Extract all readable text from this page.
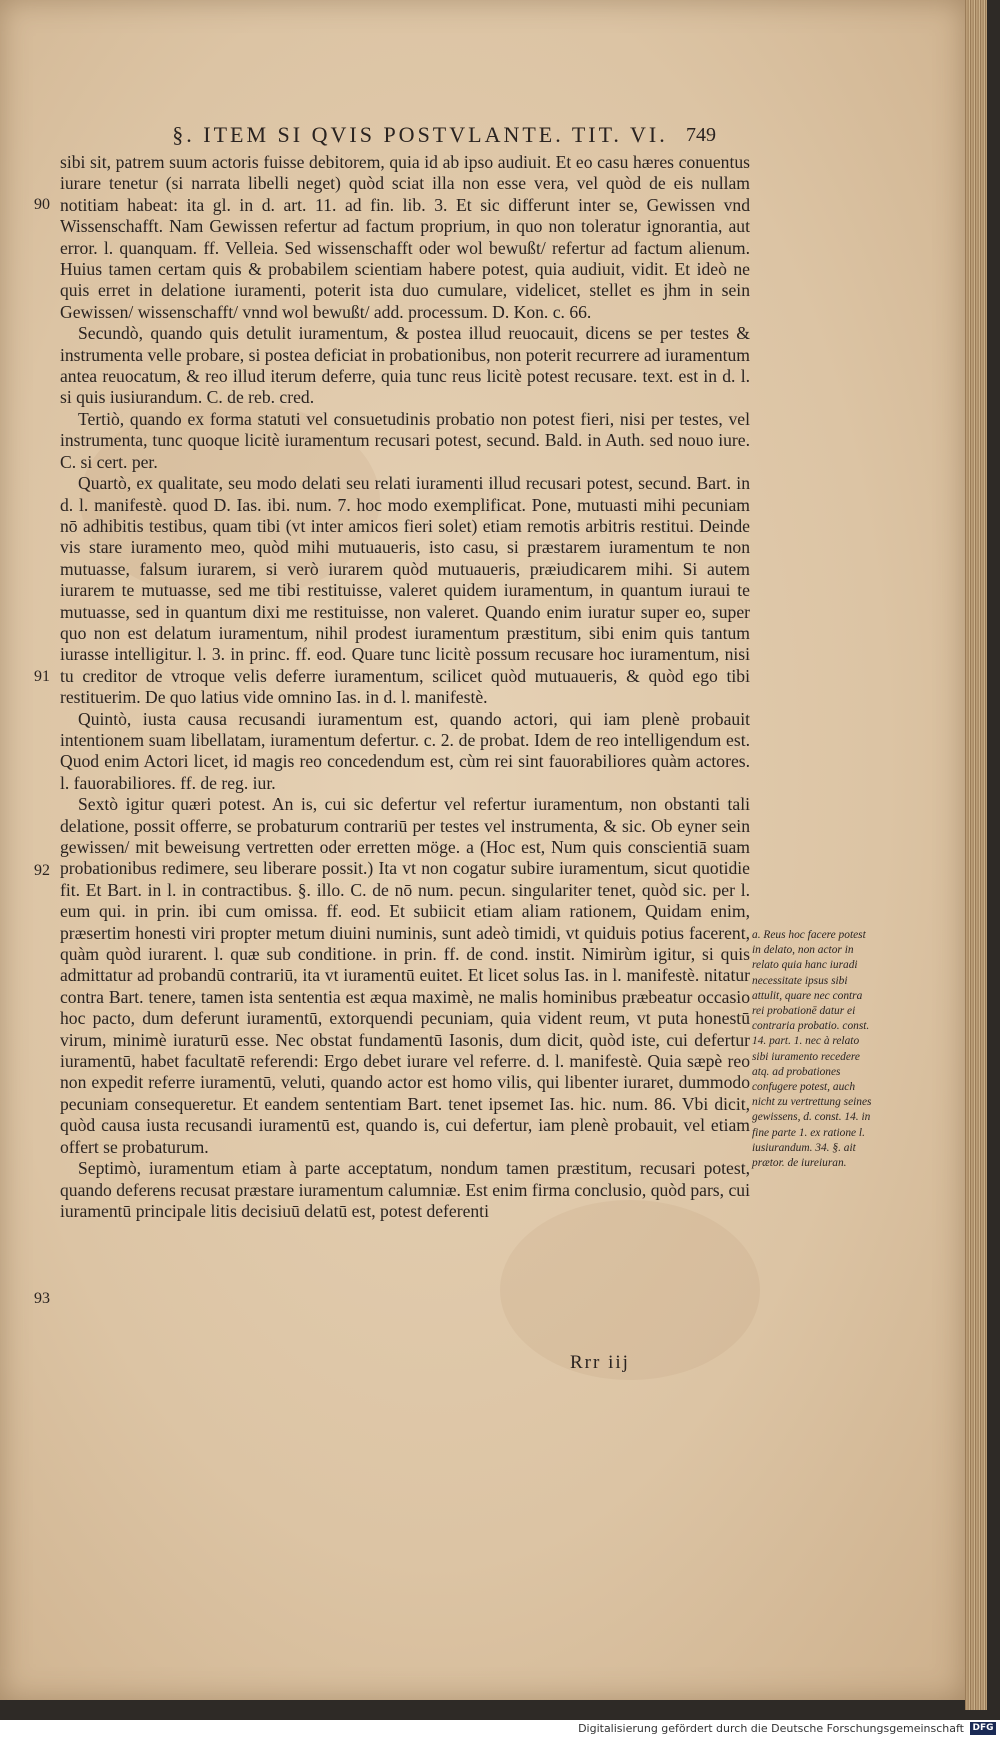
§. ITEM SI QVIS POSTVLANTE. TIT. VI. 749
90
91
92
93

sibi sit, patrem suum actoris fuisse debitorem, quia id ab ipso audiuit. Et eo casu hæres conuentus iurare tenetur (si narrata libelli neget) quòd sciat illa non esse vera, vel quòd de eis nullam notitiam habeat: ita gl. in d. art. 11. ad fin. lib. 3. Et sic differunt inter se, Gewissen vnd Wissenschafft. Nam Gewissen refertur ad factum proprium, in quo non toleratur ignorantia, aut error. l. quanquam. ff. Velleia. Sed wissenschafft oder wol bewußt/ refertur ad factum alienum. Huius tamen certam quis & probabilem scientiam habere potest, quia audiuit, vidit. Et ideò ne quis erret in delatione iuramenti, poterit ista duo cumulare, videlicet, stellet es jhm in sein Gewissen/ wissenschafft/ vnnd wol bewußt/ add. processum. D. Kon. c. 66.

Secundò, quando quis detulit iuramentum, & postea illud reuocauit, dicens se per testes & instrumenta velle probare, si postea deficiat in probationibus, non poterit recurrere ad iuramentum antea reuocatum, & reo illud iterum deferre, quia tunc reus licitè potest recusare. text. est in d. l. si quis iusiurandum. C. de reb. cred.

Tertiò, quando ex forma statuti vel consuetudinis probatio non potest fieri, nisi per testes, vel instrumenta, tunc quoque licitè iuramentum recusari potest, secund. Bald. in Auth. sed nouo iure. C. si cert. per.

Quartò, ex qualitate, seu modo delati seu relati iuramenti illud recusari potest, secund. Bart. in d. l. manifestè. quod D. Ias. ibi. num. 7. hoc modo exemplificat. Pone, mutuasti mihi pecuniam nō adhibitis testibus, quam tibi (vt inter amicos fieri solet) etiam remotis arbitris restitui. Deinde vis stare iuramento meo, quòd mihi mutuaueris, isto casu, si præstarem iuramentum te non mutuasse, falsum iurarem, si verò iurarem quòd mutuaueris, præiudicarem mihi. Si autem iurarem te mutuasse, sed me tibi restituisse, valeret quidem iuramentum, in quantum iuraui te mutuasse, sed in quantum dixi me restituisse, non valeret. Quando enim iuratur super eo, super quo non est delatum iuramentum, nihil prodest iuramentum præstitum, sibi enim quis tantum iurasse intelligitur. l. 3. in princ. ff. eod. Quare tunc licitè possum recusare hoc iuramentum, nisi tu creditor de vtroque velis deferre iuramentum, scilicet quòd mutuaueris, & quòd ego tibi restituerim. De quo latius vide omnino Ias. in d. l. manifestè.

Quintò, iusta causa recusandi iuramentum est, quando actori, qui iam plenè probauit intentionem suam libellatam, iuramentum defertur. c. 2. de probat. Idem de reo intelligendum est. Quod enim Actori licet, id magis reo concedendum est, cùm rei sint fauorabiliores quàm actores. l. fauorabiliores. ff. de reg. iur.

Sextò igitur quæri potest. An is, cui sic defertur vel refertur iuramentum, non obstanti tali delatione, possit offerre, se probaturum contrariū per testes vel instrumenta, & sic. Ob eyner sein gewissen/ mit beweisung vertretten oder erretten möge. a (Hoc est, Num quis conscientiā suam probationibus redimere, seu liberare possit.) Ita vt non cogatur subire iuramentum, sicut quotidie fit. Et Bart. in l. in contractibus. §. illo. C. de nō num. pecun. singulariter tenet, quòd sic. per l. eum qui. in prin. ibi cum omissa. ff. eod. Et subiicit etiam aliam rationem, Quidam enim, præsertim honesti viri propter metum diuini numinis, sunt adeò timidi, vt quiduis potius facerent, quàm quòd iurarent. l. quæ sub conditione. in prin. ff. de cond. instit. Nimirùm igitur, si quis admittatur ad probandū contrariū, ita vt iuramentū euitet. Et licet solus Ias. in l. manifestè. nitatur contra Bart. tenere, tamen ista sententia est æqua maximè, ne malis hominibus præbeatur occasio hoc pacto, dum deferunt iuramentū, extorquendi pecuniam, quia vident reum, vt puta honestū virum, minimè iuraturū esse. Nec obstat fundamentū Iasonis, dum dicit, quòd iste, cui defertur iuramentū, habet facultatē referendi: Ergo debet iurare vel referre. d. l. manifestè. Quia sæpè reo non expedit referre iuramentū, veluti, quando actor est homo vilis, qui libenter iuraret, dummodo pecuniam consequeretur. Et eandem sententiam Bart. tenet ipsemet Ias. hic. num. 86. Vbi dicit, quòd causa iusta recusandi iuramentū est, quando is, cui defertur, iam plenè probauit, vel etiam offert se probaturum.

Septimò, iuramentum etiam à parte acceptatum, nondum tamen præstitum, recusari potest, quando deferens recusat præstare iuramentum calumniæ. Est enim firma conclusio, quòd pars, cui iuramentū principale litis decisiuū delatū est, potest deferenti

a. Reus hoc facere potest in delato, non actor in relato quia hanc iuradi necessitate ipsus sibi attulit, quare nec contra rei probationē datur ei contraria probatio. const. 14. part. 1. nec à relato sibi iuramento recedere atq. ad probationes confugere potest, auch nicht zu vertrettung seines gewissens, d. const. 14. in fine parte 1. ex ratione l. iusiurandum. 34. §. ait prætor. de iureiuran.
Rrr iij
Digitalisierung gefördert durch die Deutsche Forschungsgemeinschaft DFG
